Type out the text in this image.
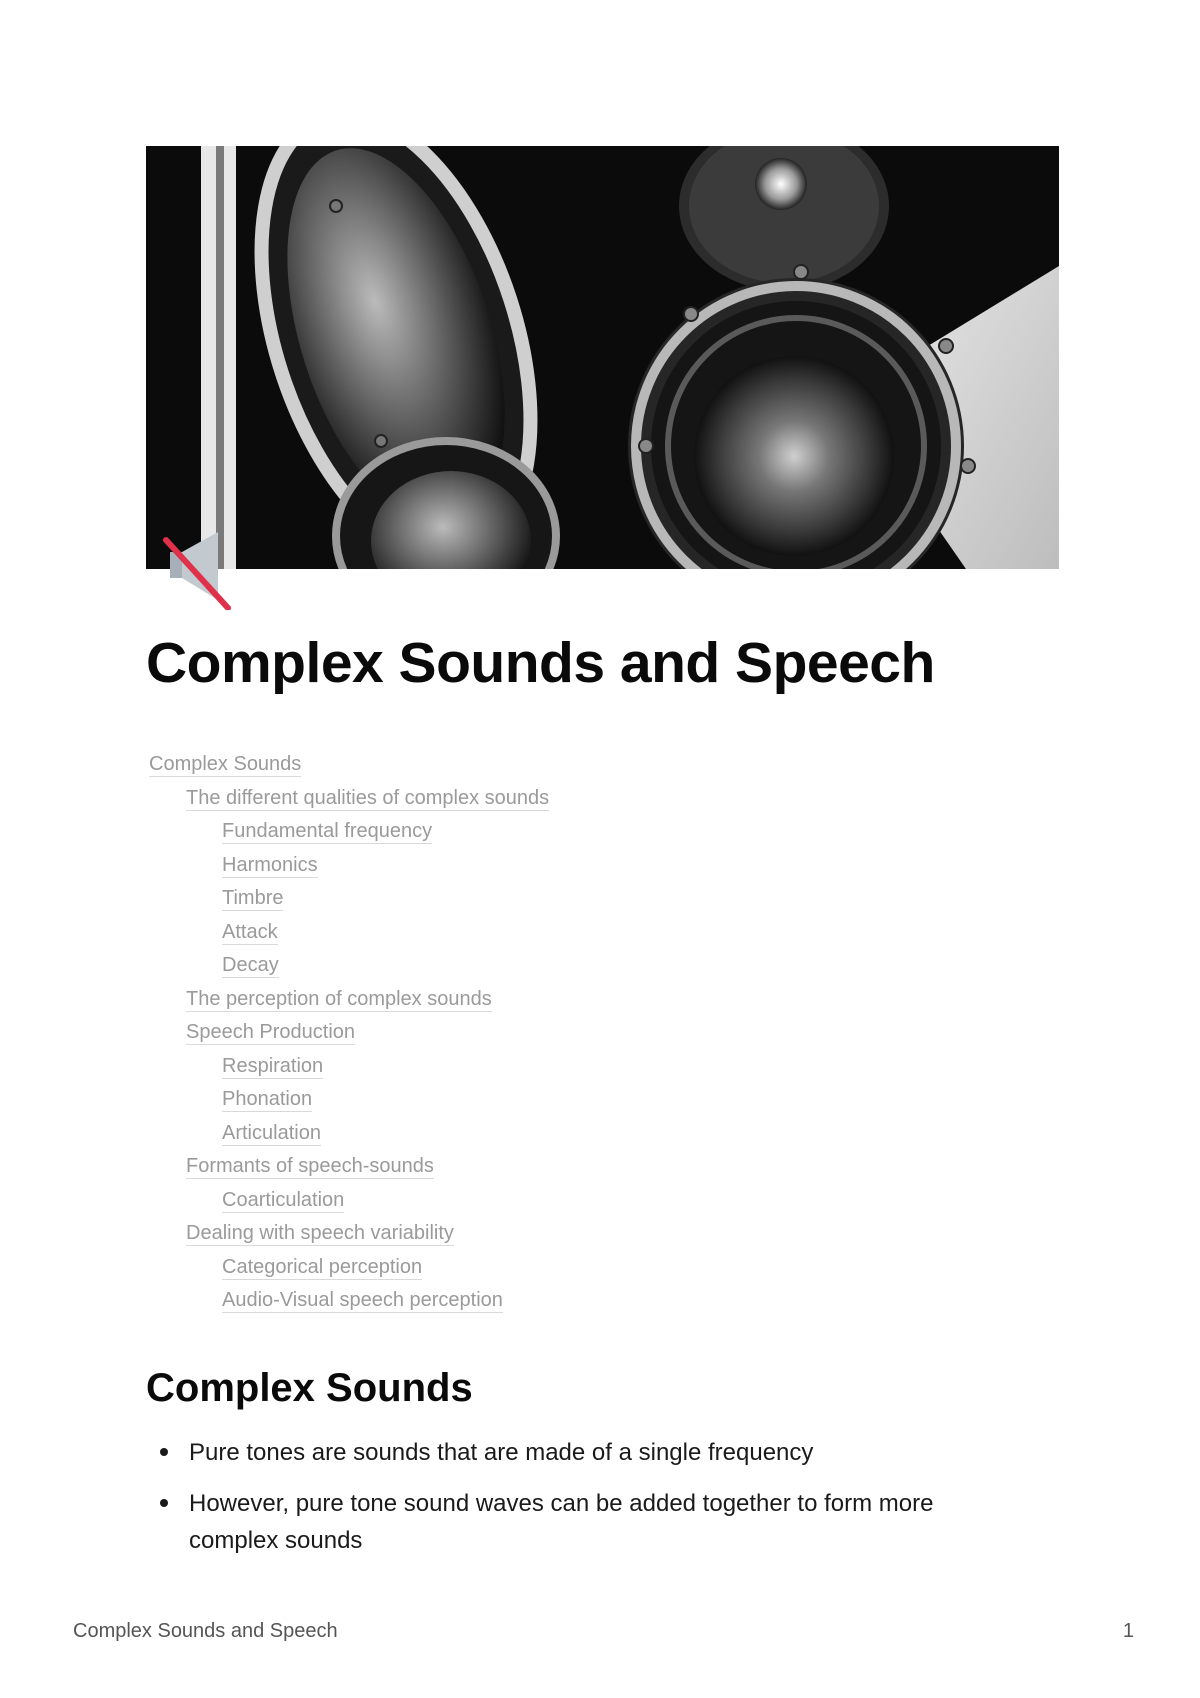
Complex Sounds and Speech
Complex Sounds
The different qualities of complex sounds
Fundamental frequency
Harmonics
Timbre
Attack
Decay
The perception of complex sounds
Speech Production
Respiration
Phonation
Articulation
Formants of speech-sounds
Coarticulation
Dealing with speech variability
Categorical perception
Audio-Visual speech perception
Complex Sounds
Pure tones are sounds that are made of a single frequency
However, pure tone sound waves can be added together to form more complex sounds
Complex Sounds and Speech	1
